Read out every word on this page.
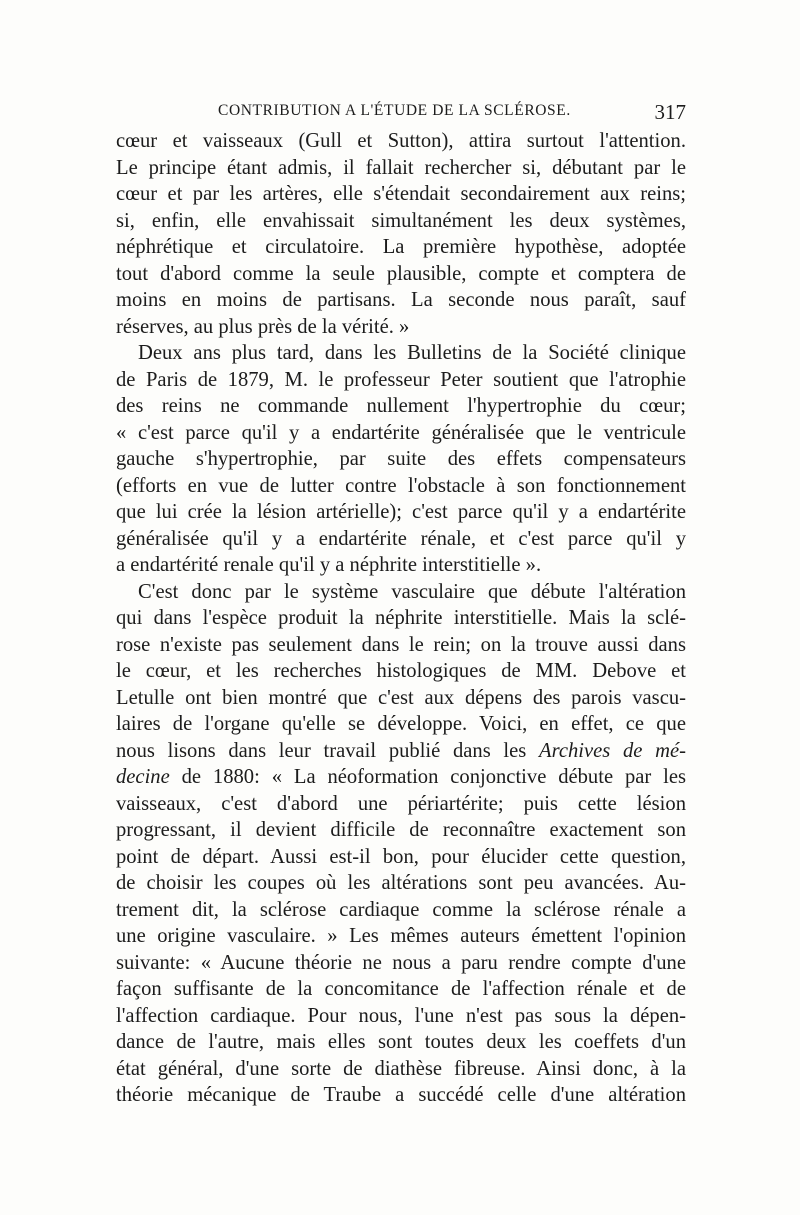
CONTRIBUTION A L'ÉTUDE DE LA SCLÉROSE.	317
cœur et vaisseaux (Gull et Sutton), attira surtout l'attention.
Le principe étant admis, il fallait rechercher si, débutant par le
cœur et par les artères, elle s'étendait secondairement aux reins;
si, enfin, elle envahissait simultanément les deux systèmes,
néphrétique et circulatoire. La première hypothèse, adoptée
tout d'abord comme la seule plausible, compte et comptera de
moins en moins de partisans. La seconde nous paraît, sauf
réserves, au plus près de la vérité. »
Deux ans plus tard, dans les Bulletins de la Société clinique
de Paris de 1879, M. le professeur Peter soutient que l'atrophie
des reins ne commande nullement l'hypertrophie du cœur;
« c'est parce qu'il y a endartérite généralisée que le ventricule
gauche s'hypertrophie, par suite des effets compensateurs
(efforts en vue de lutter contre l'obstacle à son fonctionnement
que lui crée la lésion artérielle); c'est parce qu'il y a endartérite
généralisée qu'il y a endartérite rénale, et c'est parce qu'il y
a endartérité renale qu'il y a néphrite interstitielle ».
C'est donc par le système vasculaire que débute l'altération
qui dans l'espèce produit la néphrite interstitielle. Mais la sclé-
rose n'existe pas seulement dans le rein; on la trouve aussi dans
le cœur, et les recherches histologiques de MM. Debove et
Letulle ont bien montré que c'est aux dépens des parois vascu-
laires de l'organe qu'elle se développe. Voici, en effet, ce que
nous lisons dans leur travail publié dans les Archives de mé-
decine de 1880: « La néoformation conjonctive débute par les
vaisseaux, c'est d'abord une périartérite; puis cette lésion
progressant, il devient difficile de reconnaître exactement son
point de départ. Aussi est-il bon, pour élucider cette question,
de choisir les coupes où les altérations sont peu avancées. Au-
trement dit, la sclérose cardiaque comme la sclérose rénale a
une origine vasculaire. » Les mêmes auteurs émettent l'opinion
suivante: « Aucune théorie ne nous a paru rendre compte d'une
façon suffisante de la concomitance de l'affection rénale et de
l'affection cardiaque. Pour nous, l'une n'est pas sous la dépen-
dance de l'autre, mais elles sont toutes deux les coeffets d'un
état général, d'une sorte de diathèse fibreuse. Ainsi donc, à la
théorie mécanique de Traube a succédé celle d'une altération
